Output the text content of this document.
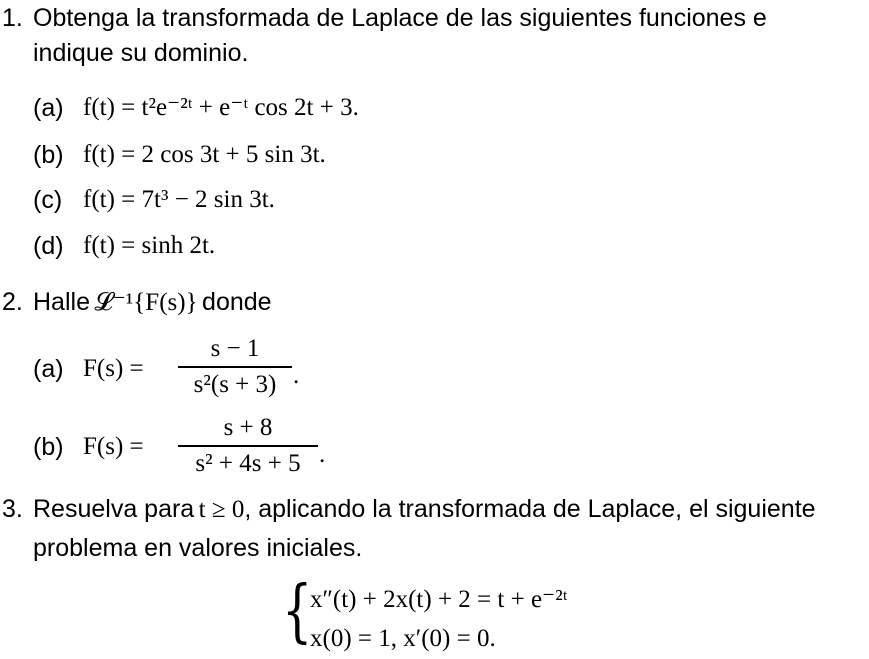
1. Obtenga la transformada de Laplace de las siguientes funciones e
indique su dominio.
(a) f(t) = t²e⁻²ᵗ + e⁻ᵗ cos 2t + 3.
(b) f(t) = 2 cos 3t + 5 sin 3t.
(c) f(t) = 7t³ − 2 sin 3t.
(d) f(t) = sinh 2t.
2. Halle 𝓛⁻¹{F(s)} donde
(a) F(s) =
s − 1
s²(s + 3) .
(b) F(s) =
s + 8
s² + 4s + 5 .
3. Resuelva para t ≥ 0, aplicando la transformada de Laplace, el siguiente
problema en valores iniciales.
{
x″(t) + 2x(t) + 2 = t + e⁻²ᵗ
x(0) = 1, x′(0) = 0.
